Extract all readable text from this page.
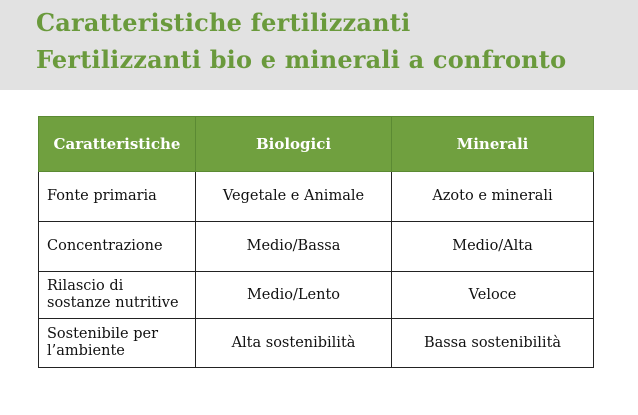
Caratteristiche fertilizzanti
Fertilizzanti bio e minerali a confronto
Caratteristiche	Biologici	Minerali
Fonte primaria	Vegetale e Animale	Azoto e minerali
Concentrazione	Medio/Bassa	Medio/Alta
Rilascio di sostanze nutritive	Medio/Lento	Veloce
Sostenibile per l’ambiente	Alta sostenibilità	Bassa sostenibilità
